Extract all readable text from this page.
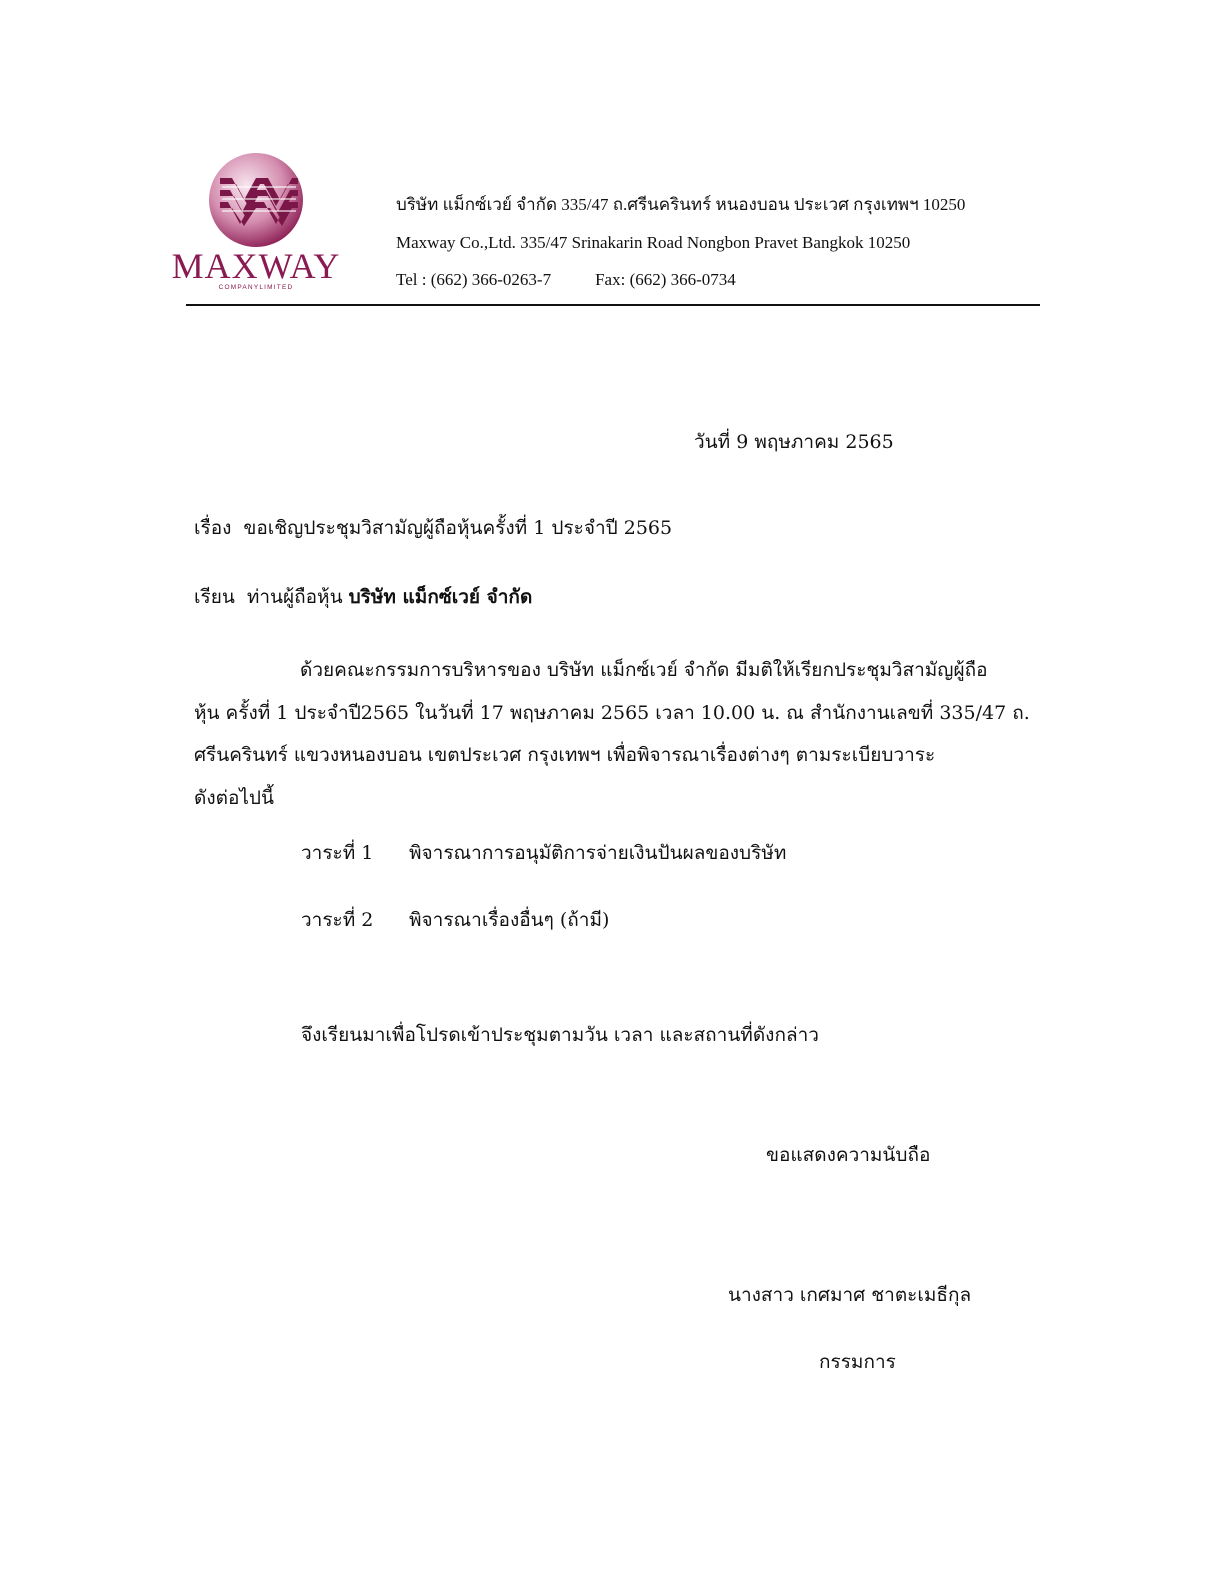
MAXWAY
COMPANYLIMITED
บริษัท แม็กซ์เวย์ จำกัด 335/47 ถ.ศรีนครินทร์ หนองบอน ประเวศ กรุงเทพฯ 10250
Maxway Co.,Ltd. 335/47 Srinakarin Road Nongbon Pravet Bangkok 10250
Tel : (662) 366-0263-7	Fax: (662) 366-0734
วันที่ 9 พฤษภาคม 2565
เรื่อง ขอเชิญประชุมวิสามัญผู้ถือหุ้นครั้งที่ 1 ประจำปี 2565
เรียน ท่านผู้ถือหุ้น บริษัท แม็กซ์เวย์ จำกัด
ด้วยคณะกรรมการบริหารของ บริษัท แม็กซ์เวย์ จำกัด มีมติให้เรียกประชุมวิสามัญผู้ถือ
หุ้น ครั้งที่ 1 ประจำปี2565 ในวันที่ 17 พฤษภาคม 2565 เวลา 10.00 น. ณ สำนักงานเลขที่ 335/47 ถ.
ศรีนครินทร์ แขวงหนองบอน เขตประเวศ กรุงเทพฯ เพื่อพิจารณาเรื่องต่างๆ ตามระเบียบวาระ
ดังต่อไปนี้
วาระที่ 1 พิจารณาการอนุมัติการจ่ายเงินปันผลของบริษัท
วาระที่ 2 พิจารณาเรื่องอื่นๆ (ถ้ามี)
จึงเรียนมาเพื่อโปรดเข้าประชุมตามวัน เวลา และสถานที่ดังกล่าว
ขอแสดงความนับถือ
นางสาว เกศมาศ ชาตะเมธีกุล
กรรมการ
